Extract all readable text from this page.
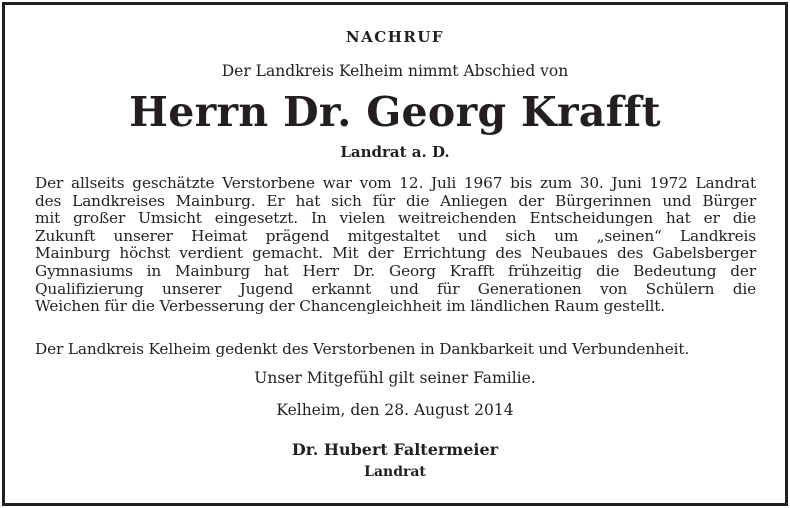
NACHRUF
Der Landkreis Kelheim nimmt Abschied von
Herrn Dr. Georg Krafft
Landrat a. D.
Der allseits geschätzte Verstorbene war vom 12. Juli 1967 bis zum 30. Juni 1972 Landrat
des Landkreises Mainburg. Er hat sich für die Anliegen der Bürgerinnen und Bürger
mit großer Umsicht eingesetzt. In vielen weitreichenden Entscheidungen hat er die
Zukunft unserer Heimat prägend mitgestaltet und sich um „seinen“ Landkreis
Mainburg höchst verdient gemacht. Mit der Errichtung des Neubaues des Gabelsberger
Gymnasiums in Mainburg hat Herr Dr. Georg Krafft frühzeitig die Bedeutung der
Qualifizierung unserer Jugend erkannt und für Generationen von Schülern die
Weichen für die Verbesserung der Chancengleichheit im ländlichen Raum gestellt.
Der Landkreis Kelheim gedenkt des Verstorbenen in Dankbarkeit und Verbundenheit.
Unser Mitgefühl gilt seiner Familie.
Kelheim, den 28. August 2014
Dr. Hubert Faltermeier
Landrat
